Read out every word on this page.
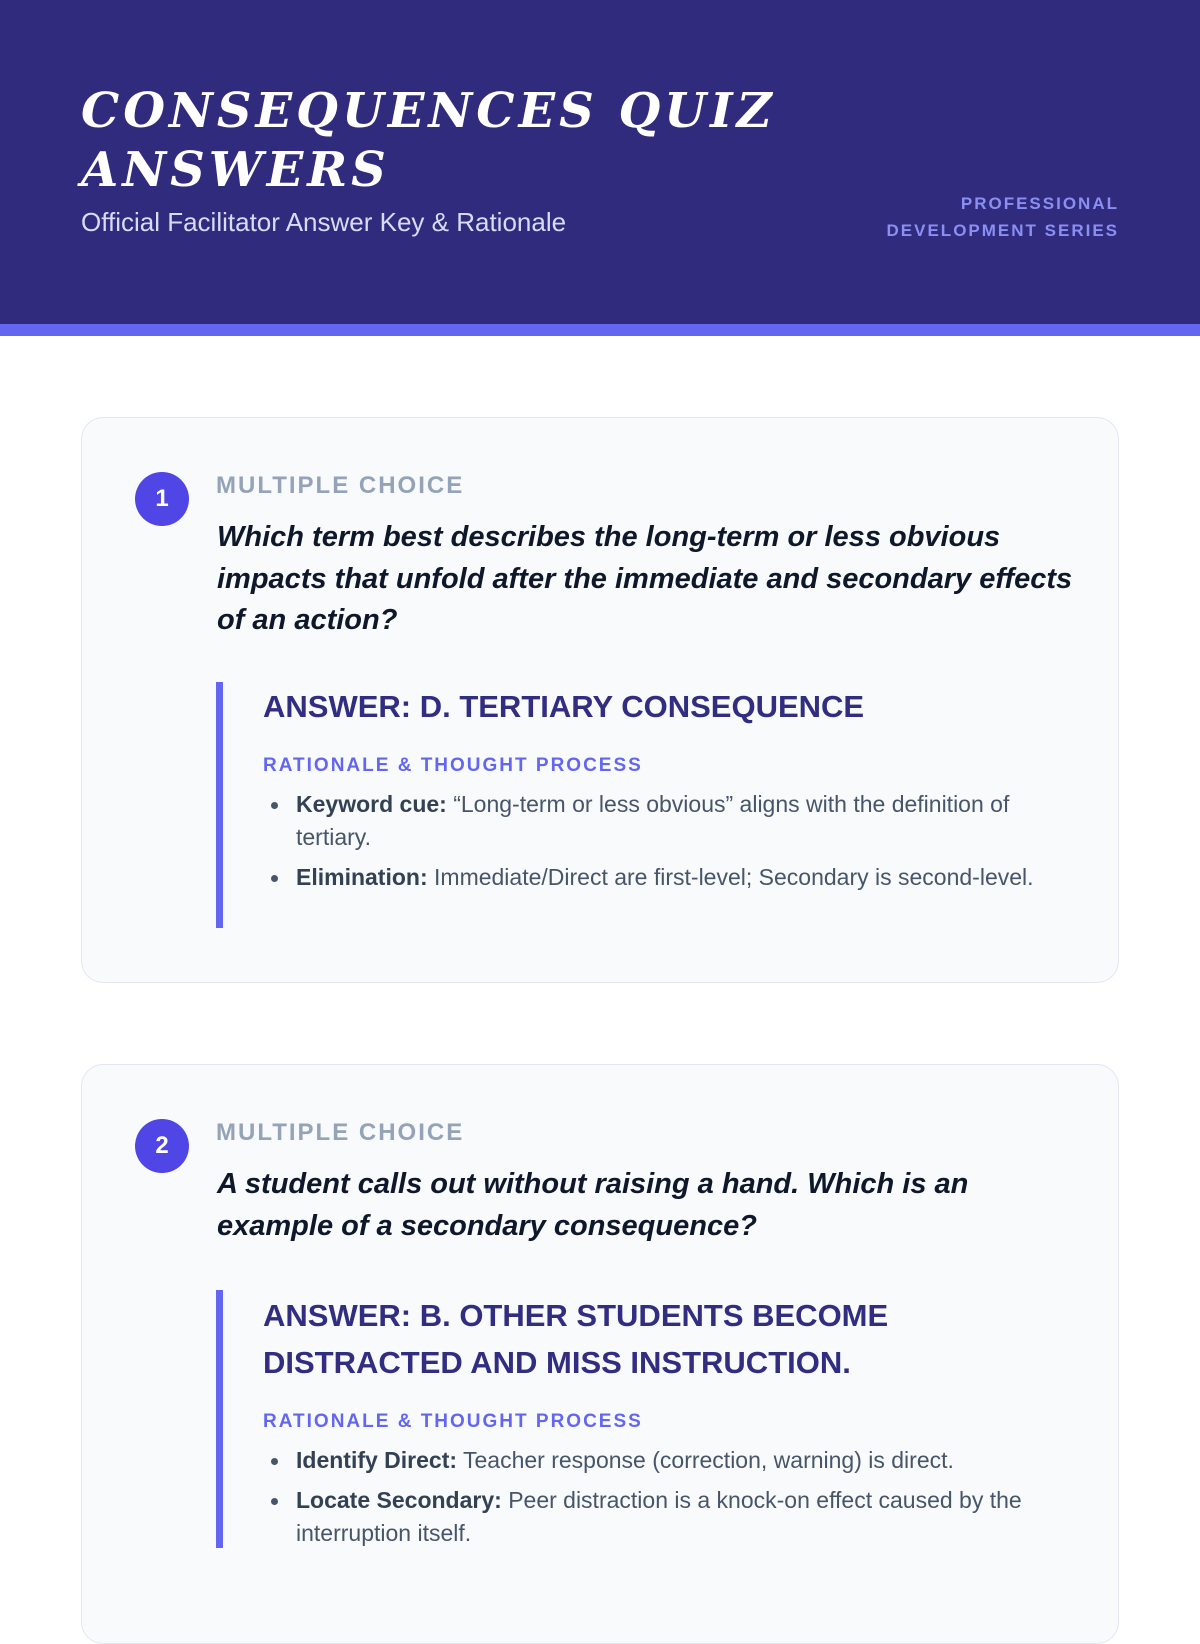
CONSEQUENCES QUIZ ANSWERS
Official Facilitator Answer Key & Rationale
PROFESSIONAL DEVELOPMENT SERIES
1	MULTIPLE CHOICE

Which term best describes the long-term or less obvious impacts that unfold after the immediate and secondary effects of an action?

ANSWER: D. TERTIARY CONSEQUENCE
RATIONALE & THOUGHT PROCESS
Keyword cue: “Long-term or less obvious” aligns with the definition of tertiary.
Elimination: Immediate/Direct are first-level; Secondary is second-level.
2	MULTIPLE CHOICE

A student calls out without raising a hand. Which is an example of a secondary consequence?

ANSWER: B. OTHER STUDENTS BECOME DISTRACTED AND MISS INSTRUCTION.
RATIONALE & THOUGHT PROCESS
Identify Direct: Teacher response (correction, warning) is direct.
Locate Secondary: Peer distraction is a knock-on effect caused by the interruption itself.
